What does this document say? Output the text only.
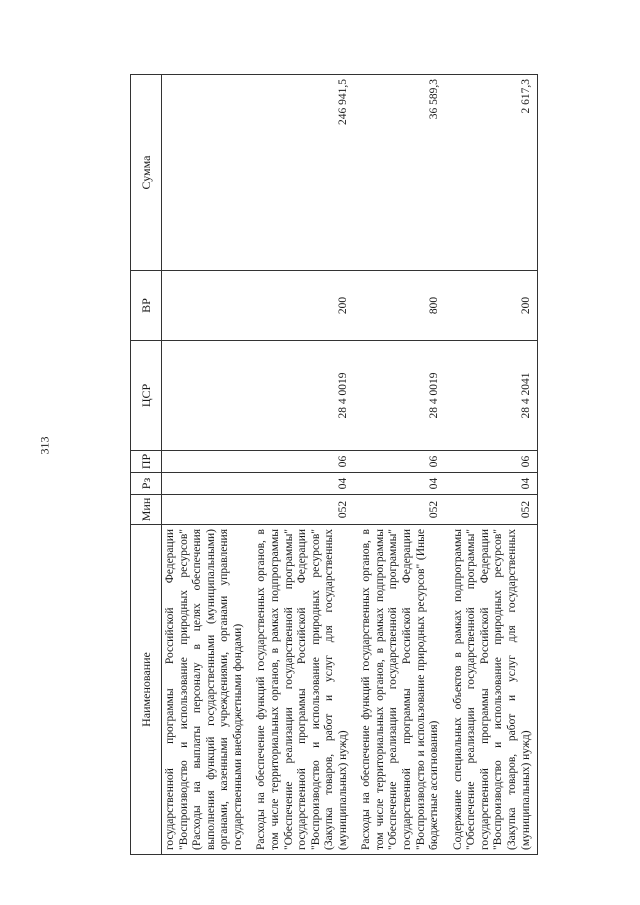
313
Наименование	Мин	Рз	ПР	ЦСР	ВР	Сумма
государственной программы Российской Федерации "Воспроизводство и использование природных ресурсов" (Расходы на выплаты персоналу в целях обеспечения выполнения функций государственными (муниципальными) органами, казенными учреждениями, органами управления государственными внебюджетными фондами)						
Расходы на обеспечение функций государственных органов, в том числе территориальных органов, в рамках подпрограммы "Обеспечение реализации государственной программы" государственной программы Российской Федерации "Воспроизводство и использование природных ресурсов" (Закупка товаров, работ и услуг для государственных (муниципальных) нужд)	052	04	06	28 4 0019	200	246 941,5
Расходы на обеспечение функций государственных органов, в том числе территориальных органов, в рамках подпрограммы "Обеспечение реализации государственной программы" государственной программы Российской Федерации "Воспроизводство и использование природных ресурсов" (Иные бюджетные ассигнования)	052	04	06	28 4 0019	800	36 589,3
Содержание специальных объектов в рамках подпрограммы "Обеспечение реализации государственной программы" государственной программы Российской Федерации "Воспроизводство и использование природных ресурсов" (Закупка товаров, работ и услуг для государственных (муниципальных) нужд)	052	04	06	28 4 2041	200	2 617,3
